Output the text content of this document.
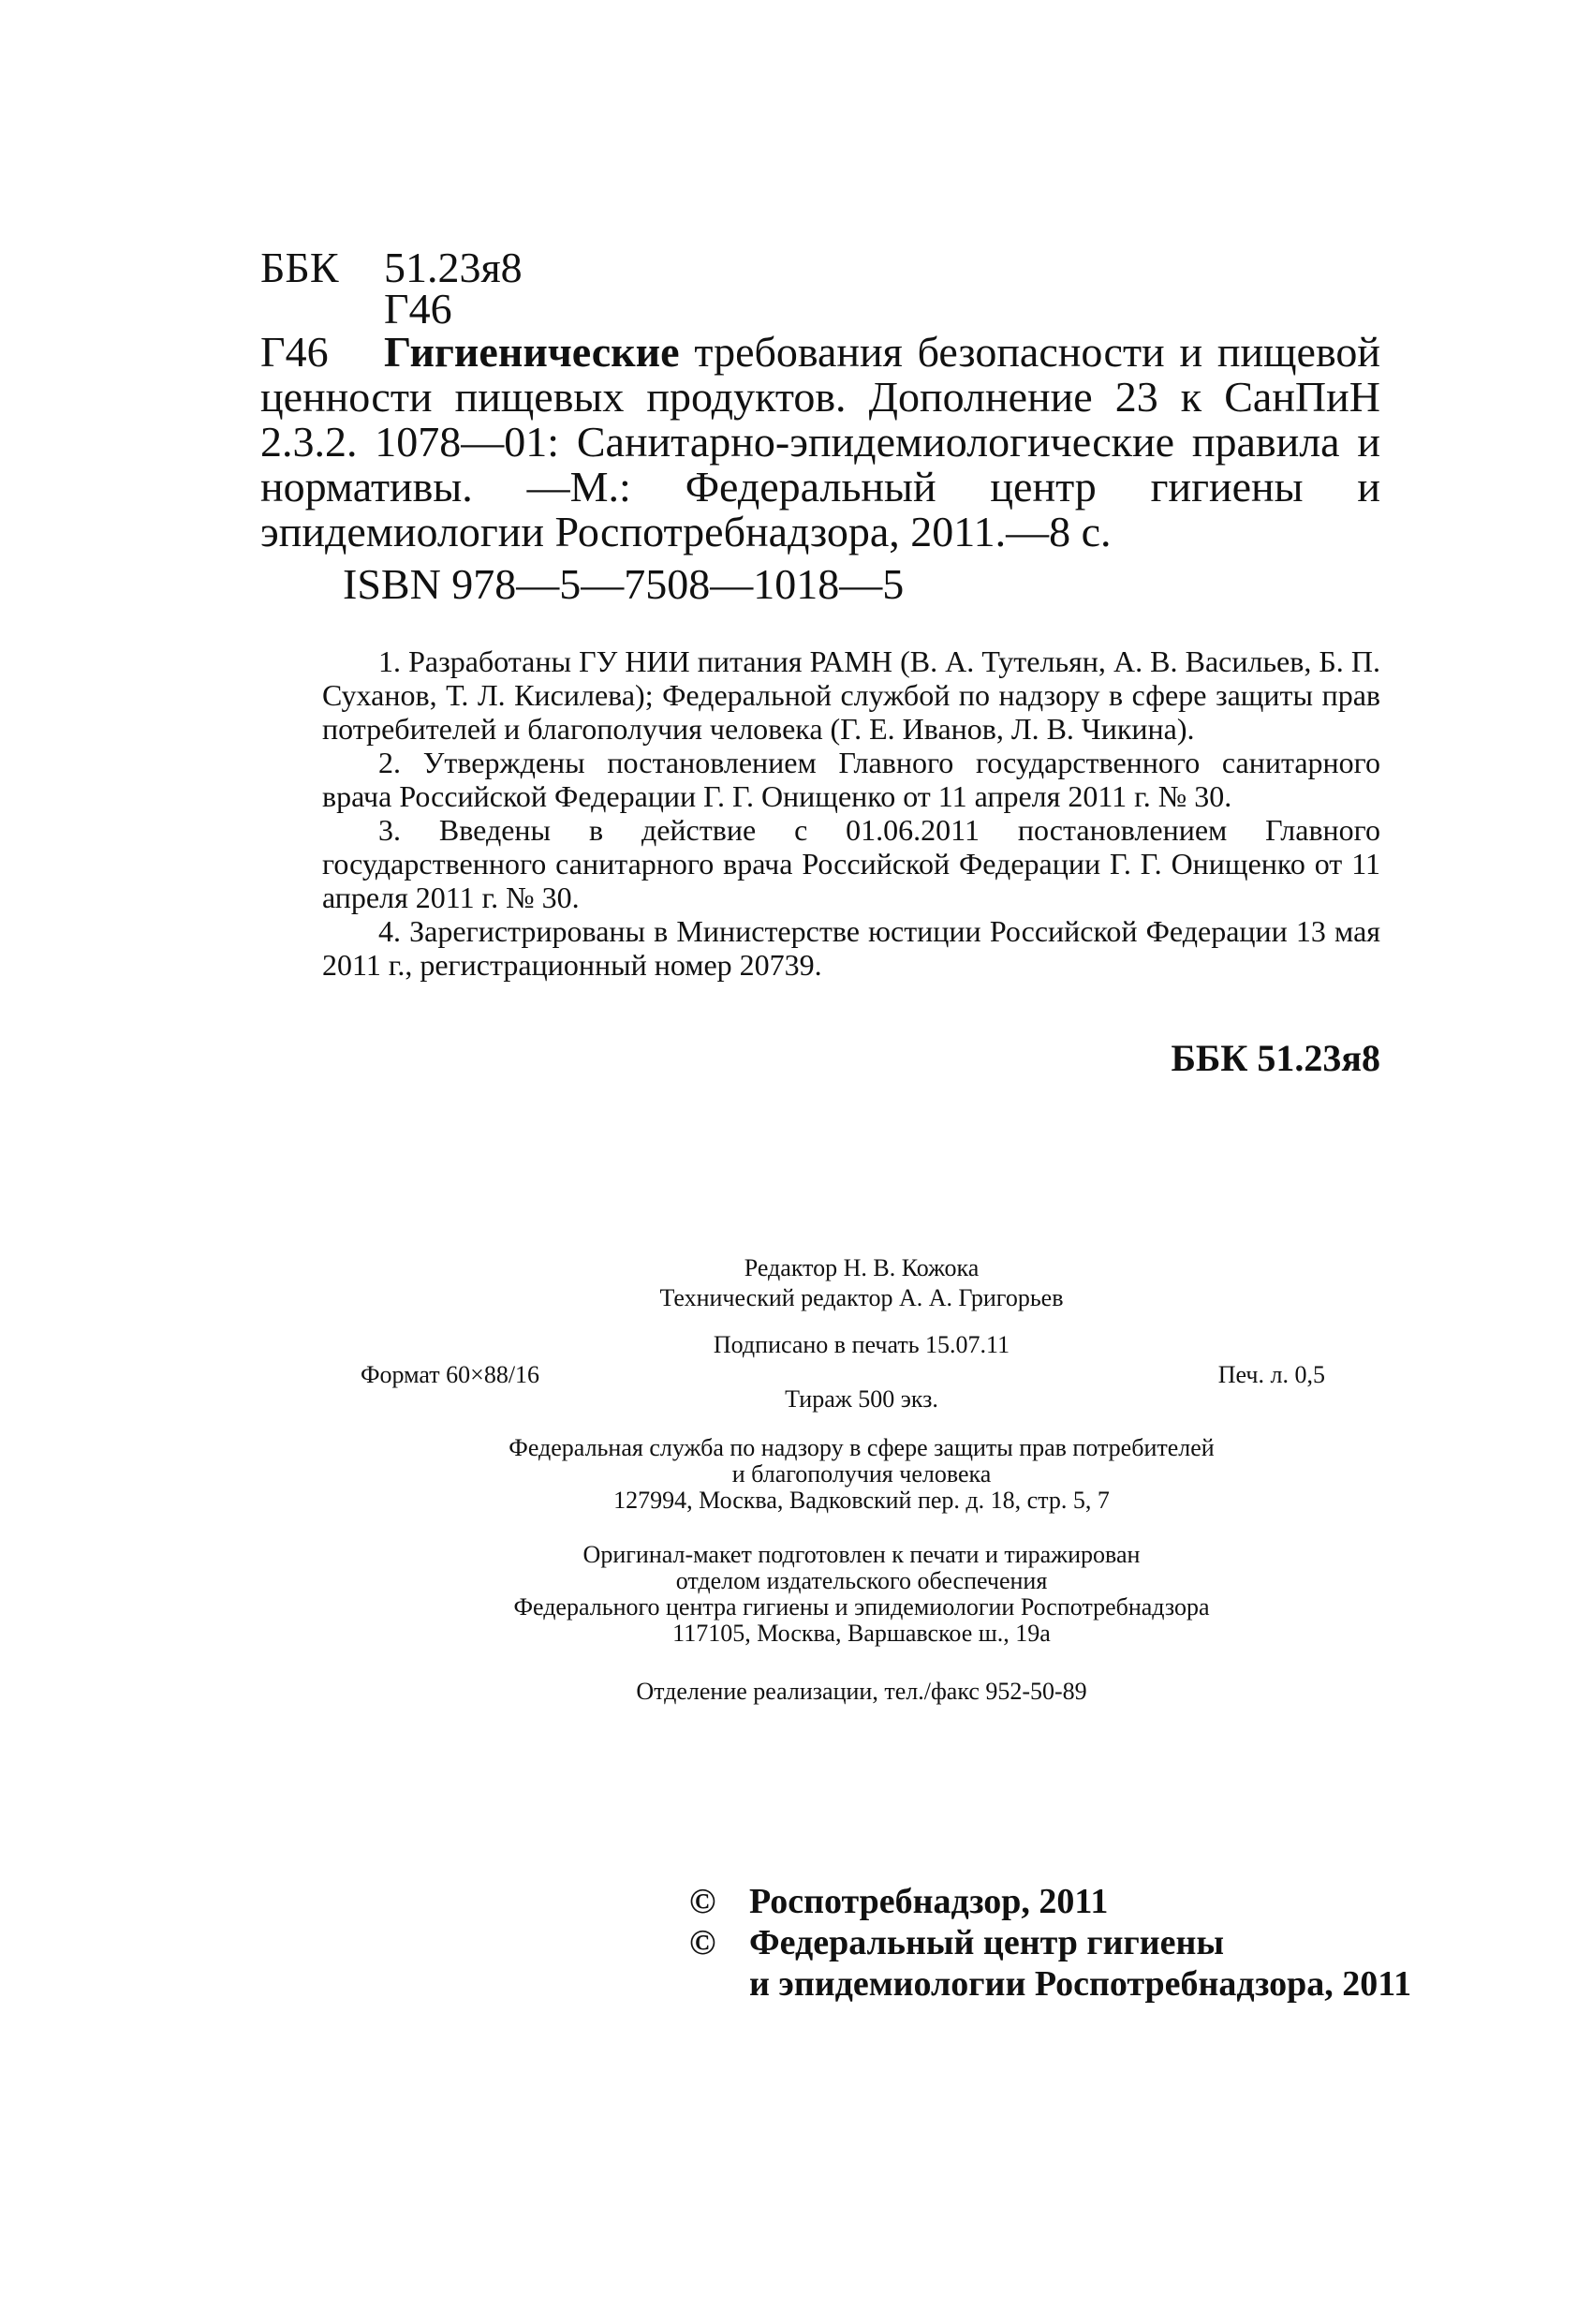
ББК 51.23я8
Г46
Г46	Гигиенические требования безопасности и пищевой ценности пищевых продуктов. Дополнение 23 к СанПиН 2.3.2. 1078—01: Санитарно-эпидемиологические правила и нормативы. —М.: Федеральный центр гигиены и эпидемиологии Роспотребнадзора, 2011.—8 с.
ISBN 978—5—7508—1018—5
1. Разработаны ГУ НИИ питания РАМН (В. А. Тутельян, А. В. Васильев, Б. П. Суханов, Т. Л. Кисилева); Федеральной службой по надзору в сфере защиты прав потребителей и благополучия человека (Г. Е. Иванов, Л. В. Чикина).
2. Утверждены постановлением Главного государственного санитарного врача Российской Федерации Г. Г. Онищенко от 11 апреля 2011 г. № 30.
3. Введены в действие с 01.06.2011 постановлением Главного государственного санитарного врача Российской Федерации Г. Г. Онищенко от 11 апреля 2011 г. № 30.
4. Зарегистрированы в Министерстве юстиции Российской Федерации 13 мая 2011 г., регистрационный номер 20739.
ББК 51.23я8
Редактор Н. В. Кожока
Технический редактор А. А. Григорьев
Подписано в печать 15.07.11
Формат 60×88/16	Печ. л. 0,5
Тираж 500 экз.
Федеральная служба по надзору в сфере защиты прав потребителей
и благополучия человека
127994, Москва, Вадковский пер. д. 18, стр. 5, 7
Оригинал-макет подготовлен к печати и тиражирован
отделом издательского обеспечения
Федерального центра гигиены и эпидемиологии Роспотребнадзора
117105, Москва, Варшавское ш., 19а
Отделение реализации, тел./факс 952-50-89
© Роспотребнадзор, 2011
© Федеральный центр гигиены
и эпидемиологии Роспотребнадзора, 2011
